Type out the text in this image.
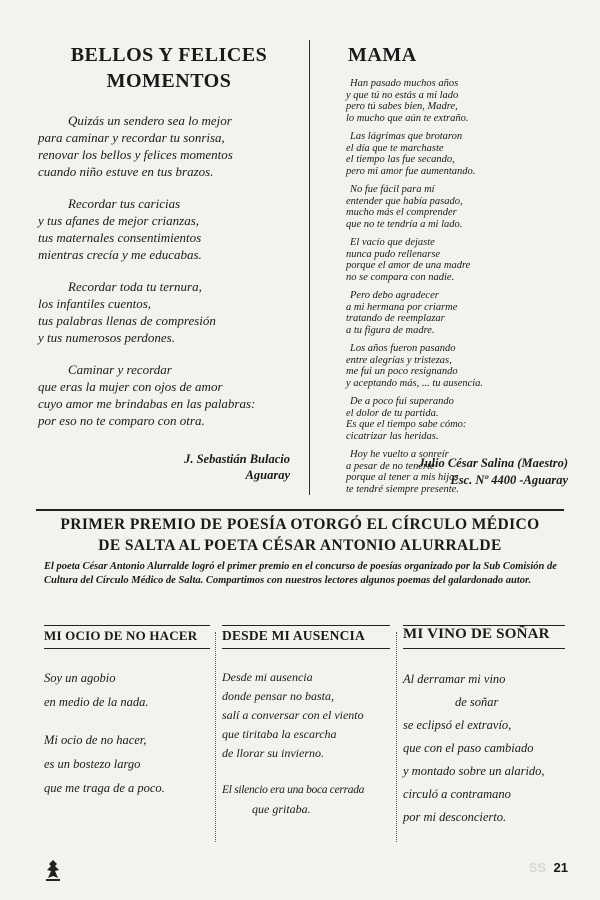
BELLOS Y FELICES
MOMENTOS
Quizás un sendero sea lo mejor
para caminar y recordar tu sonrisa,
renovar los bellos y felices momentos
cuando niño estuve en tus brazos.
Recordar tus caricias
y tus afanes de mejor crianzas,
tus maternales consentimientos
mientras crecía y me educabas.
Recordar toda tu ternura,
los infantiles cuentos,
tus palabras llenas de compresión
y tus numerosos perdones.
Caminar y recordar
que eras la mujer con ojos de amor
cuyo amor me brindabas en las palabras:
por eso no te comparo con otra.
J. Sebastián Bulacio
Aguaray
MAMA
Han pasado muchos años
y que tú no estás a mi lado
pero tú sabes bien, Madre,
lo mucho que aún te extraño.
Las lágrimas que brotaron
el día que te marchaste
el tiempo las fue secando,
pero mi amor fue aumentando.
No fue fácil para mí
entender que había pasado,
mucho más el comprender
que no te tendría a mi lado.
El vacío que dejaste
nunca pudo rellenarse
porque el amor de una madre
no se compara con nadie.
Pero debo agradecer
a mi hermana por criarme
tratando de reemplazar
a tu figura de madre.
Los años fueron pasando
entre alegrías y tristezas,
me fui un poco resignando
y aceptando más, ... tu ausencia.
De a poco fui superando
el dolor de tu partida.
Es que el tiempo sabe cómo:
cicatrizar las heridas.
Hoy he vuelto a sonreír
a pesar de no tenerte
porque al tener a mis hijos
te tendré siempre presente.
Julio César Salina (Maestro)
Esc. Nº 4400 -Aguaray
PRIMER PREMIO DE POESÍA OTORGÓ EL CÍRCULO MÉDICO
DE SALTA AL POETA CÉSAR ANTONIO ALURRALDE
El poeta César Antonio Alurralde logró el primer premio en el concurso de poesías organizado por la Sub Comisión de Cultura del Círculo Médico de Salta. Compartimos con nuestros lectores algunos poemas del galardonado autor.
MI OCIO DE NO HACER DESDE MI AUSENCIA	MI VINO DE SOÑAR
Soy un agobio
en medio de la nada.
Mi ocio de no hacer,
es un bostezo largo
que me traga de a poco.
Desde mi ausencia
donde pensar no basta,
salí a conversar con el viento
que tiritaba la escarcha
de llorar su invierno.
El silencio era una boca cerrada
que gritaba.
Al derramar mi vino
de soñar
se eclipsó el extravío,
que con el paso cambiado
y montado sobre un alarido,
circuló a contramano
por mi desconcierto.
SS 21
